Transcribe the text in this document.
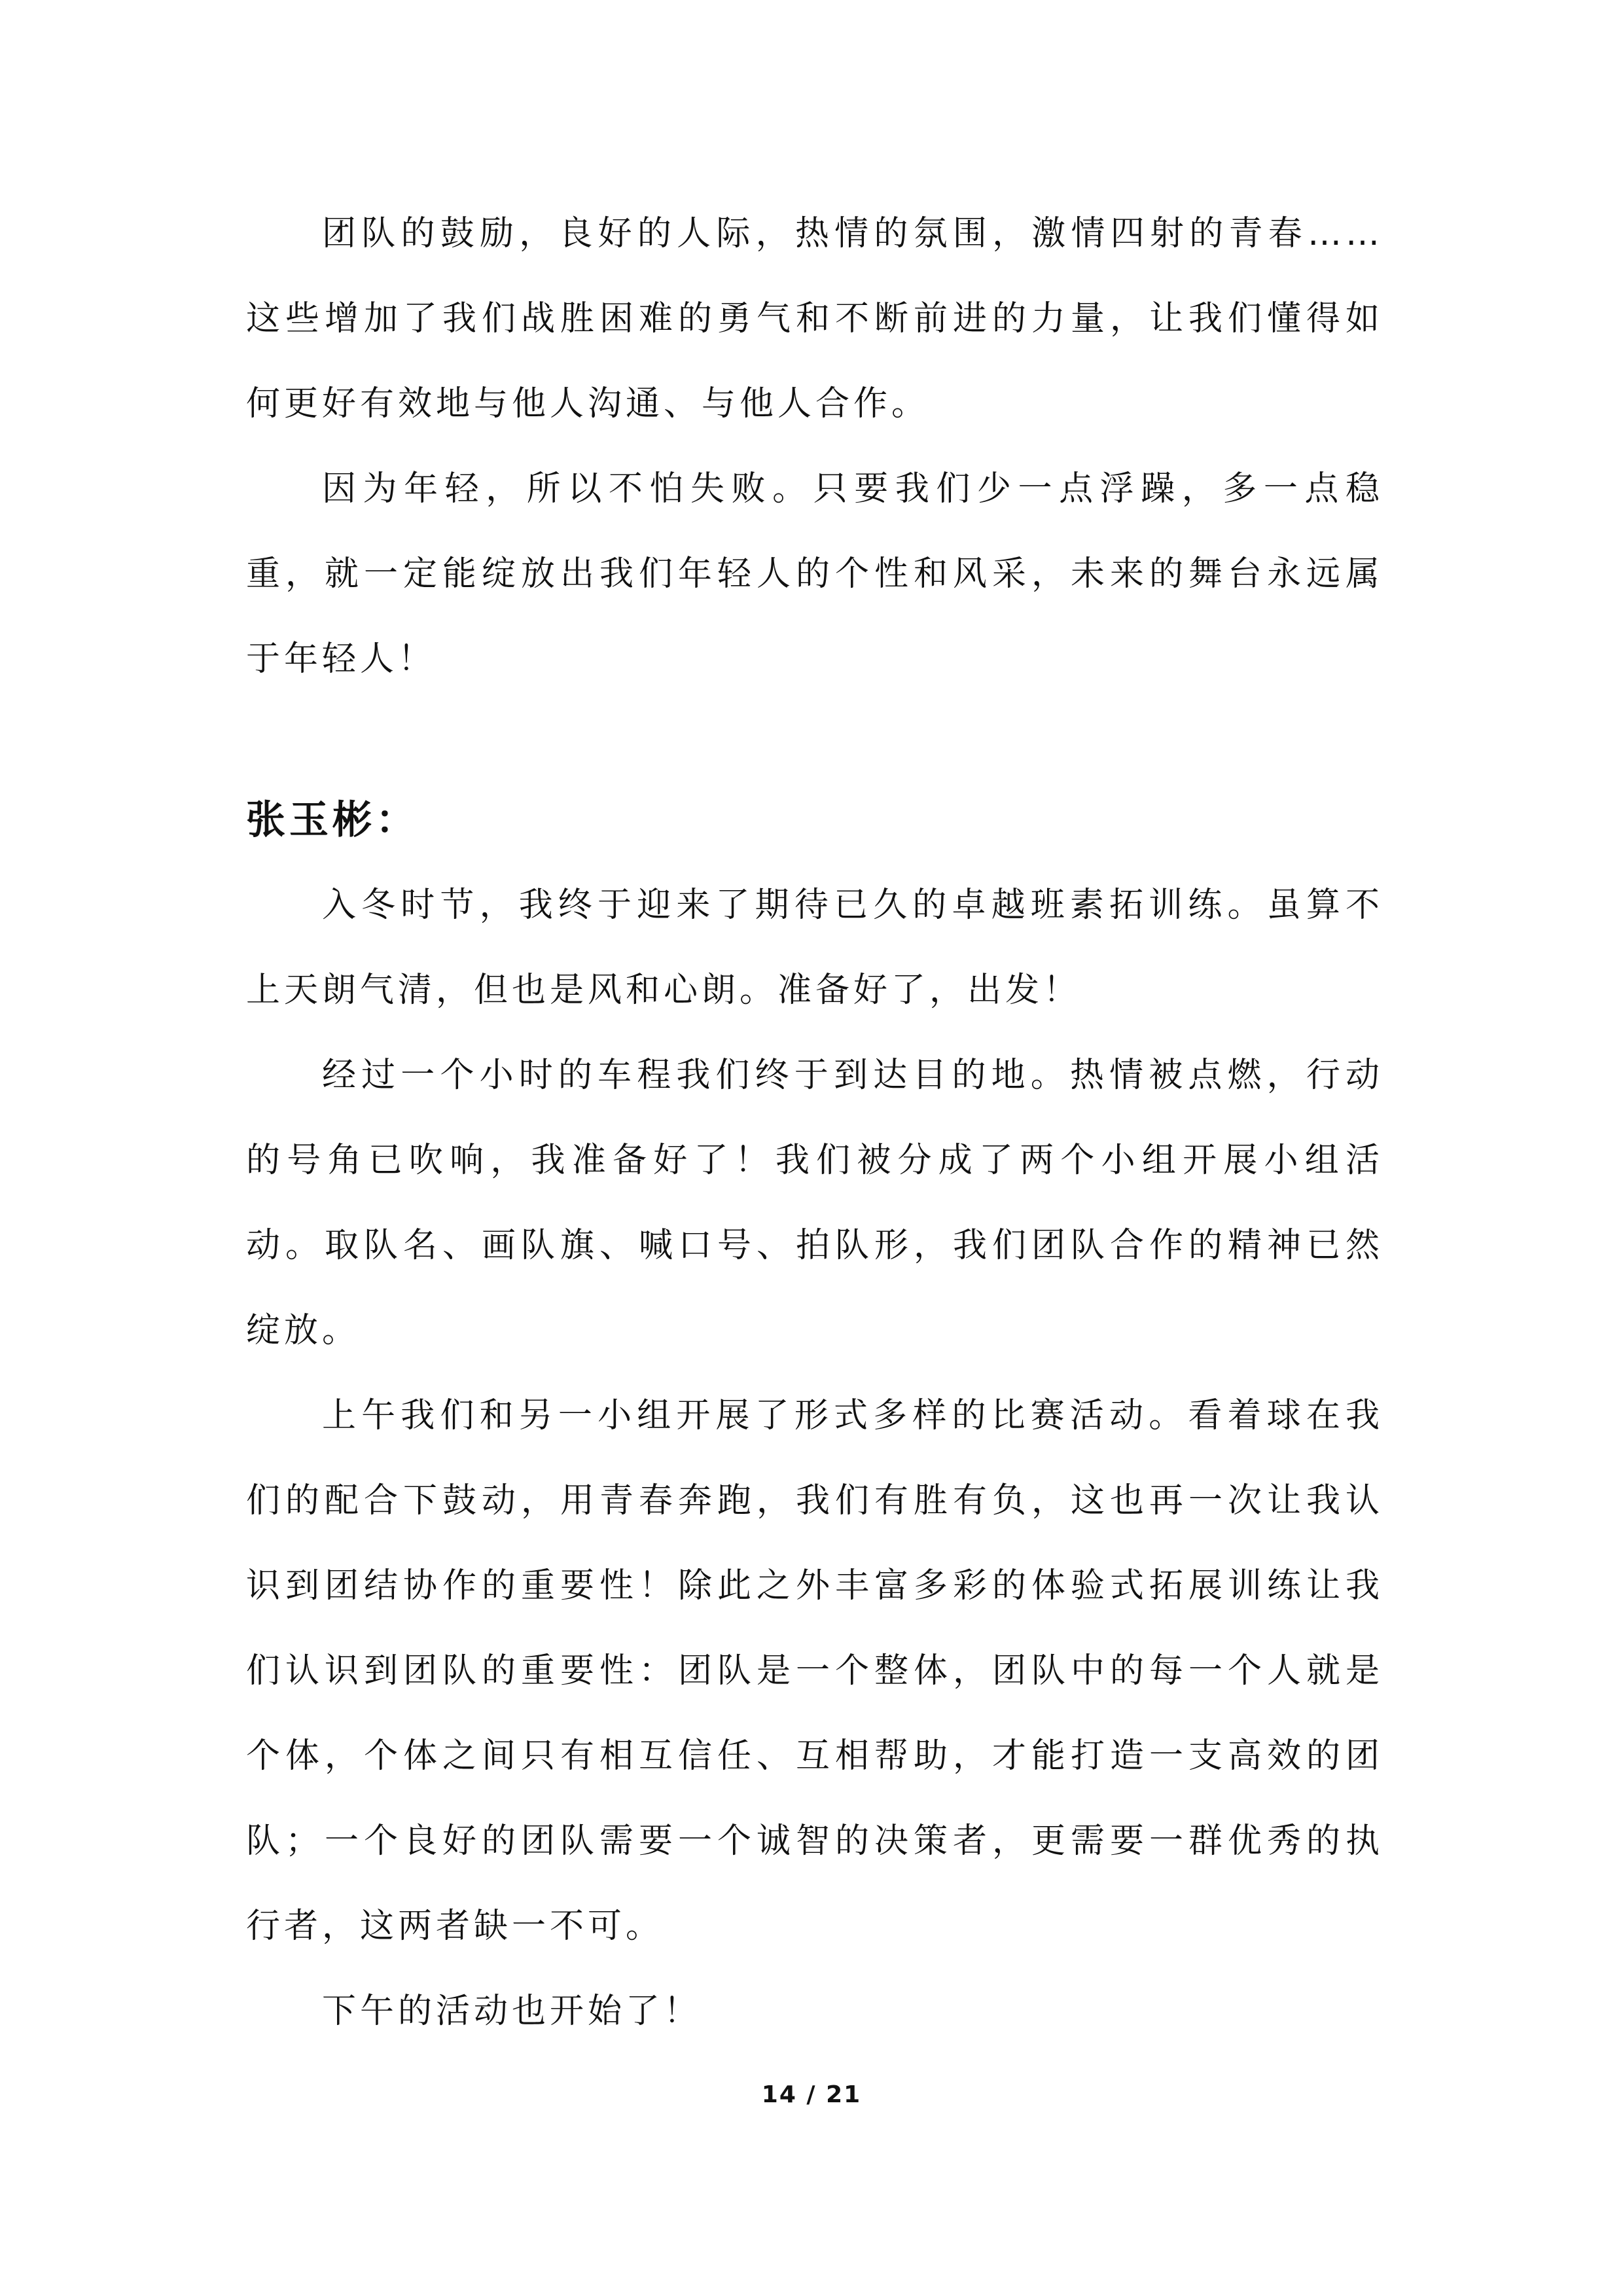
团队的鼓励，良好的人际，热情的氛围，激情四射的青春……这些增加了我们战胜困难的勇气和不断前进的力量，让我们懂得如何更好有效地与他人沟通、与他人合作。

因为年轻，所以不怕失败。只要我们少一点浮躁，多一点稳重，就一定能绽放出我们年轻人的个性和风采，未来的舞台永远属于年轻人！

张玉彬：

入冬时节，我终于迎来了期待已久的卓越班素拓训练。虽算不上天朗气清，但也是风和心朗。准备好了，出发！

经过一个小时的车程我们终于到达目的地。热情被点燃，行动的号角已吹响，我准备好了！我们被分成了两个小组开展小组活动。取队名、画队旗、喊口号、拍队形，我们团队合作的精神已然绽放。

上午我们和另一小组开展了形式多样的比赛活动。看着球在我们的配合下鼓动，用青春奔跑，我们有胜有负，这也再一次让我认识到团结协作的重要性！除此之外丰富多彩的体验式拓展训练让我们认识到团队的重要性：团队是一个整体，团队中的每一个人就是个体，个体之间只有相互信任、互相帮助，才能打造一支高效的团队；一个良好的团队需要一个诚智的决策者，更需要一群优秀的执行者，这两者缺一不可。

下午的活动也开始了！

14 / 21
